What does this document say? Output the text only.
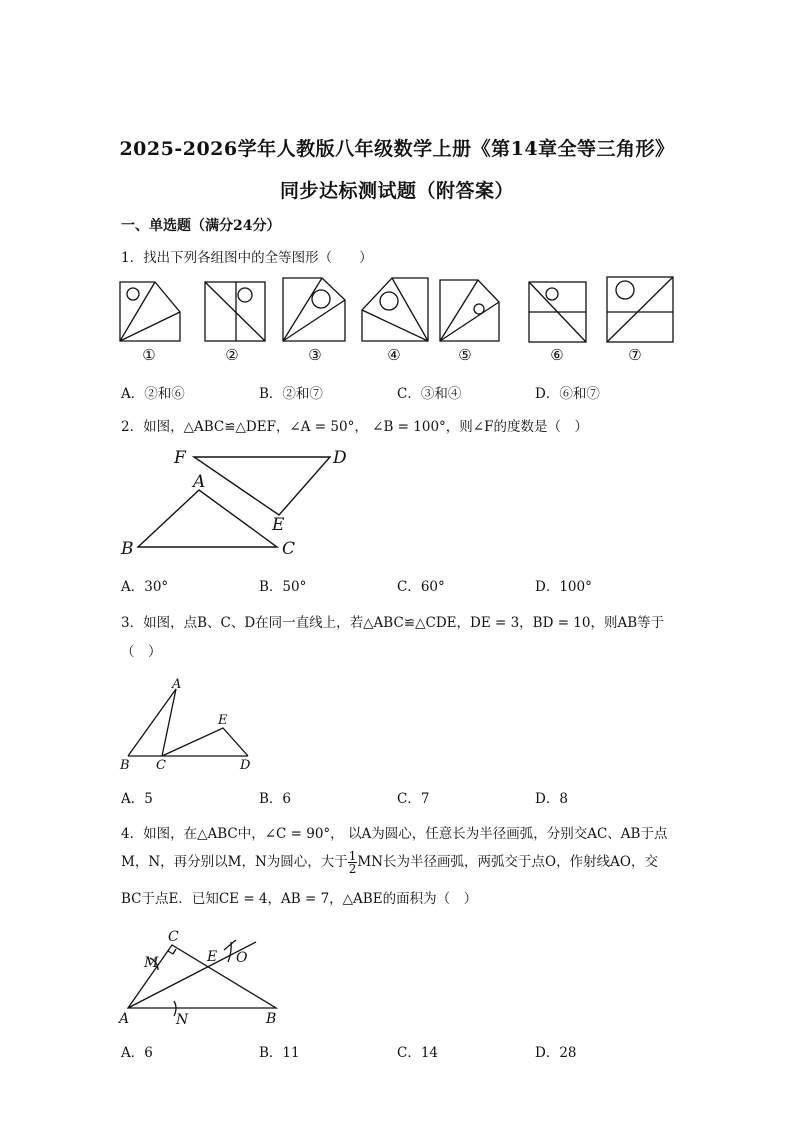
2025-2026学年人教版八年级数学上册《第14章全等三角形》
同步达标测试题（附答案）
一、单选题（满分24分）
1．找出下列各组图中的全等图形（　　）
①	②	③	④	⑤	⑥	⑦
A．②和⑥	B．②和⑦	C．③和④	D．⑥和⑦
2．如图，△ABC≌△DEF，∠A = 50°， ∠B = 100°，则∠F的度数是（　）
F	D
A
E
B	C
A．30°	B．50°	C．60°	D．100°
3．如图，点B、C、D在同一直线上，若△ABC≌△CDE，DE = 3，BD = 10，则AB等于
（　）
A
E
B C	D
A．5	B．6	C．7	D．8
4．如图，在△ABC中，∠C = 90°， 以A为圆心，任意长为半径画弧，分别交AC、AB于点
M，N，再分别以M，N为圆心，大于 $\frac{1}{2}$ MN长为半径画弧，两弧交于点O，作射线AO，交
BC于点E．已知CE = 4，AB = 7，△ABE的面积为（　）
C
M	E O
A	N	B
A．6	B．11	C．14	D．28
